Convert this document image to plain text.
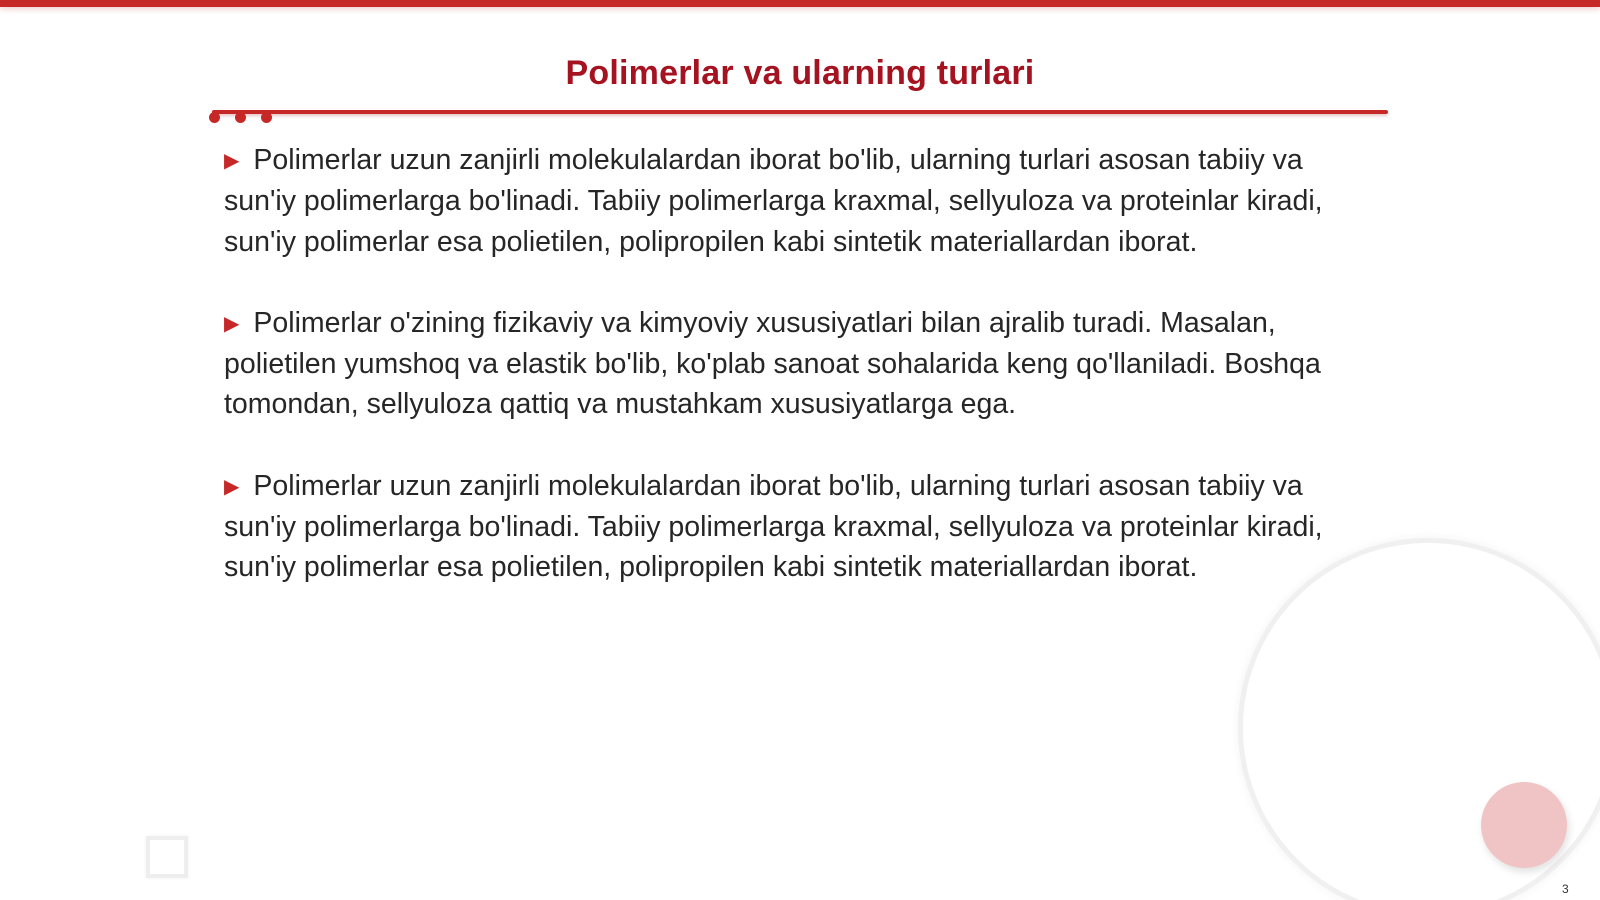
Polimerlar va ularning turlari

▶ Polimerlar uzun zanjirli molekulalardan iborat bo'lib, ularning turlari asosan tabiiy va sun'iy polimerlarga bo'linadi. Tabiiy polimerlarga kraxmal, sellyuloza va proteinlar kiradi, sun'iy polimerlar esa polietilen, polipropilen kabi sintetik materiallardan iborat.

▶ Polimerlar o'zining fizikaviy va kimyoviy xususiyatlari bilan ajralib turadi. Masalan, polietilen yumshoq va elastik bo'lib, ko'plab sanoat sohalarida keng qo'llaniladi. Boshqa tomondan, sellyuloza qattiq va mustahkam xususiyatlarga ega.

▶ Polimerlar uzun zanjirli molekulalardan iborat bo'lib, ularning turlari asosan tabiiy va sun'iy polimerlarga bo'linadi. Tabiiy polimerlarga kraxmal, sellyuloza va proteinlar kiradi, sun'iy polimerlar esa polietilen, polipropilen kabi sintetik materiallardan iborat.

3
